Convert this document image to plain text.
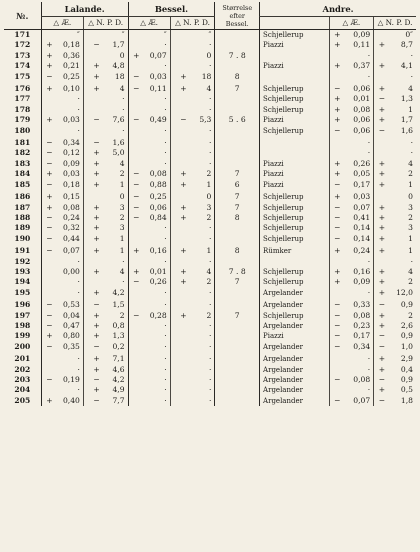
№.	Lalande.				Bessel.				Størrelse
efter
Bessel.	Andre.				
	△ Æ.		△ N. P. D.		△ Æ.		△ N. P. D.				△ Æ.		△ N. P. D.	
171		″		″		″		″		Schjellerup	+	0,09		0″
172	+	0,18	−	1,7		·		·		Piazzi	+	0,11	+	8,7
173	+	0,36		0	+	0,07		0	7 . 8			·		·
174	+	0,21	+	4,8		·		·		Piazzi	+	0,37	+	4,1
175	−	0,25	+	18	−	0,03	+	18	8			·		·
176	+	0,10	+	4	−	0,11	+	4	7	Schjellerup	−	0,06	+	4
177		·		·		·		·		Schjellerup	+	0,01	−	1,3
178		·		·		·		·		Schjellerup	+	0,08	+	1
179	+	0,03	−	7,6	−	0,49	−	5,3	5 . 6	Piazzi	+	0,06	+	1,7
180		·		·		·		·		Schjellerup	−	0,06	−	1,6
181	−	0,34	−	1,6		·		·				·		·
182	−	0,12	+	5,0		·		·				·		·
183	−	0,09	+	4		·		·		Piazzi	+	0,26	+	4
184	+	0,03	+	2	−	0,08	+	2	7	Piazzi	+	0,05	+	2
185	−	0,18	+	1	−	0,88	+	1	6	Piazzi	−	0,17	+	1
186	+	0,15		0	−	0,25		0	7	Schjellerup	+	0,03		0
187	+	0,08	+	3	−	0,06	+	3	7	Schjellerup	−	0,07	+	3
188	−	0,24	+	2	−	0,84	+	2	8	Schjellerup	−	0,41	+	2
189	−	0,32	+	3		·		·		Schjellerup	−	0,14	+	3
190	−	0,44	+	1		·		·		Schjellerup	−	0,14	+	1
191	−	0,07	+	1	+	0,16	+	1	8	Rümker	+	0,24	+	1
192		·		·		·		·				·		·
193		0,00	+	4	+	0,01	+	4	7 . 8	Schjellerup	+	0,16	+	4
194		·		·	−	0,26	+	2	7	Schjellerup	+	0,09	+	2
195		·	+	4,2		·		·		Argelander		·	+	12,0
196	−	0,53	−	1,5		·		·		Argelander	−	0,33	−	0,9
197	−	0,04	+	2	−	0,28	+	2	7	Schjellerup	−	0,08	+	2
198	−	0,47	+	0,8		·		·		Argelander	−	0,23	+	2,6
199	+	0,80	+	1,3		·		·		Piazzi	−	0,17	−	0,9
200	−	0,35	−	0,2		·		·		Argelander	−	0,34	−	1,0
201		·	+	7,1		·		·		Argelander		·	+	2,9
202		·	+	4,6		·		·		Argelander		·	+	0,4
203	−	0,19	−	4,2		·		·		Argelander	−	0,08	−	0,9
204		·	+	4,9		·		·		Argelander		·	+	0,5
205	+	0,40	−	7,7		·		·		Argelander	−	0,07	−	1,8
